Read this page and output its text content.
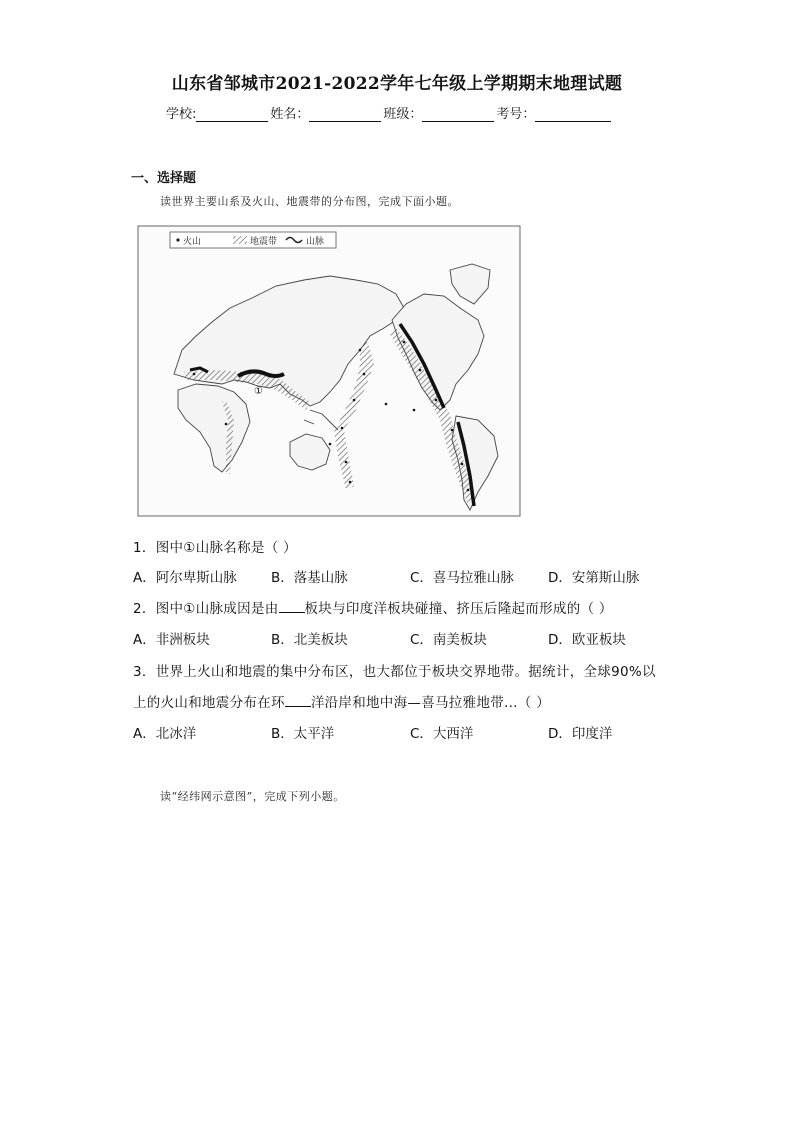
山东省邹城市2021-2022学年七年级上学期期末地理试题
学校:	姓名：	班级：	考号：
一、选择题
读世界主要山系及火山、地震带的分布图，完成下面小题。
火山	地震带	山脉
①
1．图中①山脉名称是（ ）
A．阿尔卑斯山脉	B．落基山脉	C．喜马拉雅山脉	D．安第斯山脉
2．图中①山脉成因是由 板块与印度洋板块碰撞、挤压后隆起而形成的（ ）
A．非洲板块	B．北美板块	C．南美板块	D．欧亚板块
3．世界上火山和地震的集中分布区，也大都位于板块交界地带。据统计，全球90%以
上的火山和地震分布在环 洋沿岸和地中海—喜马拉雅地带…（ ）
A．北冰洋	B．太平洋	C．大西洋	D．印度洋
读“经纬网示意图”，完成下列小题。
